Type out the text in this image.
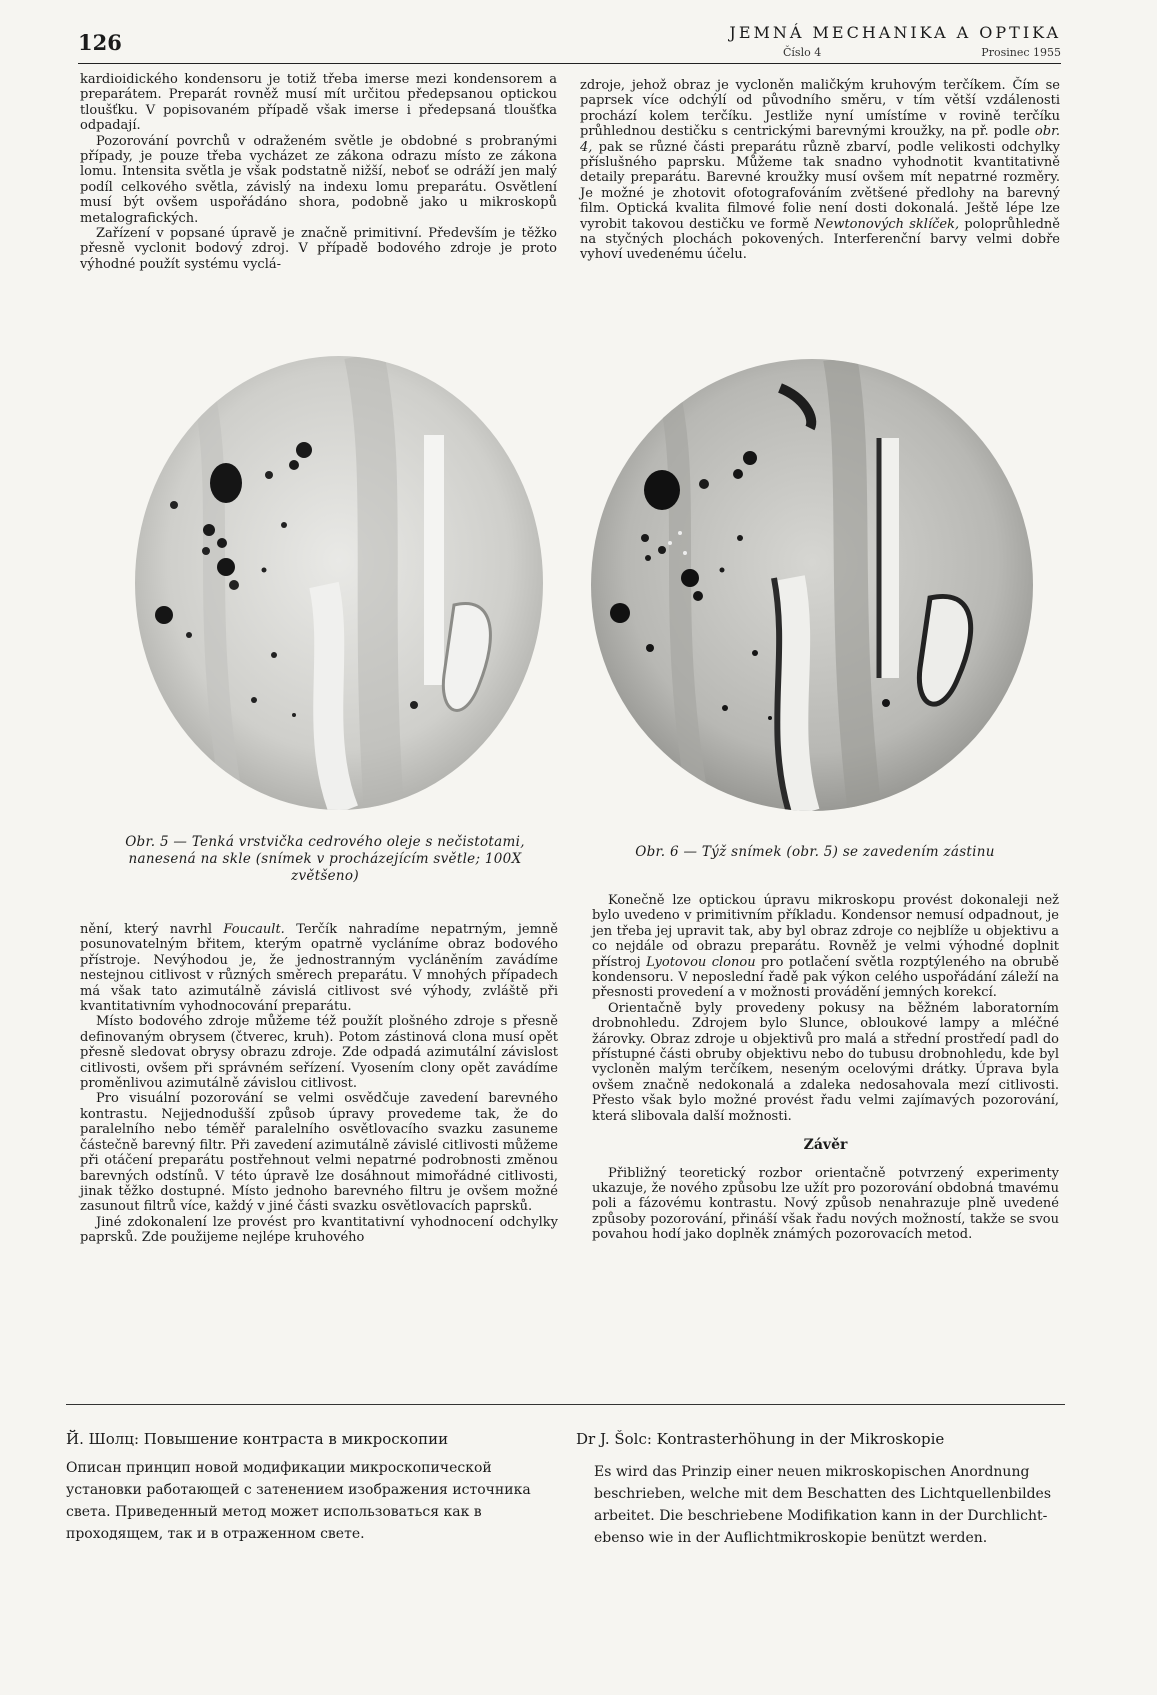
126	JEMNÁ MECHANIKA A OPTIKA
Číslo 4	Prosinec 1955

kardioidického kondensoru je totiž třeba imerse mezi kondensorem a preparátem. Preparát rovněž musí mít určitou předepsanou optickou tloušťku. V popisovaném případě však imerse i předepsaná tloušťka odpadají.

Pozorování povrchů v odraženém světle je obdobné s probranými případy, je pouze třeba vycházet ze zákona odrazu místo ze zákona lomu. Intensita světla je však podstatně nižší, neboť se odráží jen malý podíl celkového světla, závislý na indexu lomu preparátu. Osvětlení musí být ovšem uspořádáno shora, podobně jako u mikroskopů metalografických.

Zařízení v popsané úpravě je značně primitivní. Především je těžko přesně vyclonit bodový zdroj. V případě bodového zdroje je proto výhodné použít systému vyclá-

zdroje, jehož obraz je vycloněn maličkým kruhovým terčíkem. Čím se paprsek více odchýlí od původního směru, v tím větší vzdálenosti prochází kolem terčíku. Jestliže nyní umístíme v rovině terčíku průhlednou destičku s centrickými barevnými kroužky, na př. podle obr. 4, pak se různé části preparátu různě zbarví, podle velikosti odchylky příslušného paprsku. Můžeme tak snadno vyhodnotit kvantitativně detaily preparátu. Barevné kroužky musí ovšem mít nepatrné rozměry. Je možné je zhotovit ofotografováním zvětšené předlohy na barevný film. Optická kvalita filmové folie není dosti dokonalá. Ještě lépe lze vyrobit takovou destičku ve formě Newtonových sklíček, poloprůhledně na styčných plochách pokovených. Interferenční barvy velmi dobře vyhoví uvedenému účelu.

Obr. 5 — Tenká vrstvička cedrového oleje s nečistotami, nanesená na skle (snímek v procházejícím světle; 100X zvětšeno)
Obr. 6 — Týž snímek (obr. 5) se zavedením zástinu

nění, který navrhl Foucault. Terčík nahradíme nepatrným, jemně posunovatelným břitem, kterým opatrně vycláníme obraz bodového přístroje. Nevýhodou je, že jednostranným vycláněním zavádíme nestejnou citlivost v různých směrech preparátu. V mnohých případech má však tato azimutálně závislá citlivost své výhody, zvláště při kvantitativním vyhodnocování preparátu.

Místo bodového zdroje můžeme též použít plošného zdroje s přesně definovaným obrysem (čtverec, kruh). Potom zástinová clona musí opět přesně sledovat obrysy obrazu zdroje. Zde odpadá azimutální závislost citlivosti, ovšem při správném seřízení. Vyosením clony opět zavádíme proměnlivou azimutálně závislou citlivost.

Pro visuální pozorování se velmi osvědčuje zavedení barevného kontrastu. Nejjednodušší způsob úpravy provedeme tak, že do paralelního nebo téměř paralelního osvětlovacího svazku zasuneme částečně barevný filtr. Při zavedení azimutálně závislé citlivosti můžeme při otáčení preparátu postřehnout velmi nepatrné podrobnosti změnou barevných odstínů. V této úpravě lze dosáhnout mimořádné citlivosti, jinak těžko dostupné. Místo jednoho barevného filtru je ovšem možné zasunout filtrů více, každý v jiné části svazku osvětlovacích paprsků.

Jiné zdokonalení lze provést pro kvantitativní vyhodnocení odchylky paprsků. Zde použijeme nejlépe kruhového

Konečně lze optickou úpravu mikroskopu provést dokonaleji než bylo uvedeno v primitivním příkladu. Kondensor nemusí odpadnout, je jen třeba jej upravit tak, aby byl obraz zdroje co nejblíže u objektivu a co nejdále od obrazu preparátu. Rovněž je velmi výhodné doplnit přístroj Lyotovou clonou pro potlačení světla rozptýleného na obrubě kondensoru. V neposlední řadě pak výkon celého uspořádání záleží na přesnosti provedení a v možnosti provádění jemných korekcí.

Orientačně byly provedeny pokusy na běžném laboratorním drobnohledu. Zdrojem bylo Slunce, obloukové lampy a mléčné žárovky. Obraz zdroje u objektivů pro malá a střední prostředí padl do přístupné části obruby objektivu nebo do tubusu drobnohledu, kde byl vycloněn malým terčíkem, neseným ocelovými drátky. Úprava byla ovšem značně nedokonalá a zdaleka nedosahovala mezí citlivosti. Přesto však bylo možné provést řadu velmi zajímavých pozorování, která slibovala další možnosti.

Závěr

Přibližný teoretický rozbor orientačně potvrzený experimenty ukazuje, že nového způsobu lze užít pro pozorování obdobná tmavému poli a fázovému kontrastu. Nový způsob nenahrazuje plně uvedené způsoby pozorování, přináší však řadu nových možností, takže se svou povahou hodí jako doplněk známých pozorovacích metod.

Й. Шолц: Повышение контраста в микроскопии
Описан принцип новой модификации микроскопической установки работающей с затенением изображения источника света. Приведенный метод может использоваться как в проходящем, так и в отраженном свете.
Dr J. Šolc: Kontrasterhöhung in der Mikroskopie

Es wird das Prinzip einer neuen mikroskopischen Anordnung beschrieben, welche mit dem Beschatten des Lichtquellenbildes arbeitet. Die beschriebene Modifikation kann in der Durchlicht- ebenso wie in der Auflichtmikroskopie benützt werden.
